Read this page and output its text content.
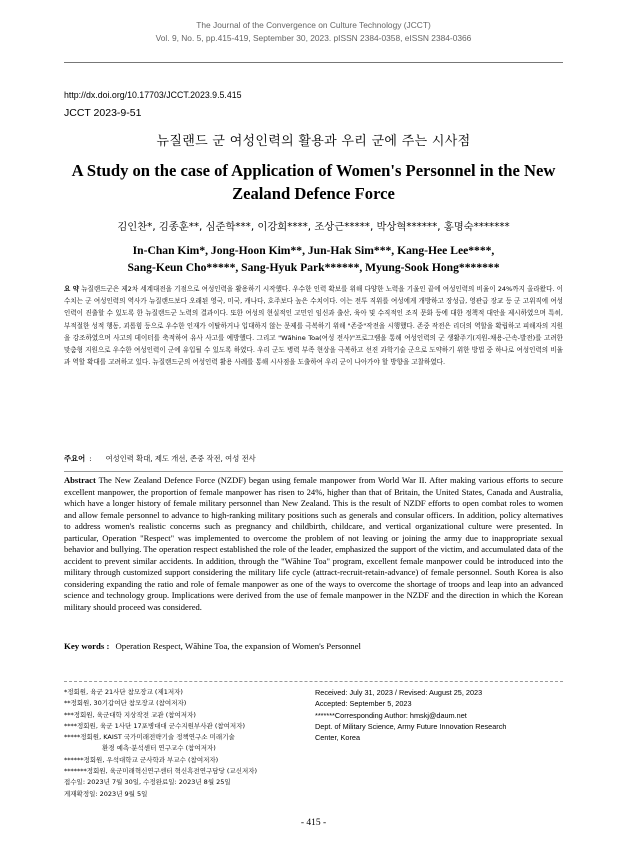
The Journal of the Convergence on Culture Technology (JCCT)
Vol. 9, No. 5, pp.415-419, September 30, 2023. pISSN 2384-0358, eISSN 2384-0366
http://dx.doi.org/10.17703/JCCT.2023.9.5.415
JCCT 2023-9-51
뉴질랜드 군 여성인력의 활용과 우리 군에 주는 시사점
A Study on the case of Application of Women's Personnel in the New Zealand Defence Force
김인찬*, 김종훈**, 심준학***, 이강희****, 조상근*****, 박상혁******, 홍명숙*******
In-Chan Kim*, Jong-Hoon Kim**, Jun-Hak Sim***, Kang-Hee Lee****,
Sang-Keun Cho*****, Sang-Hyuk Park******, Myung-Sook Hong*******
요 약 뉴질랜드군은 제2차 세계대전을 기점으로 여성인력을 활용하기 시작했다. 우수한 인력 확보를 위해 다양한 노력을 기울인 끝에 여성인력의 비율이 24%까지 올라왔다. 이 수치는 군 여성인력의 역사가 뉴질랜드보다 오래된 영국, 미국, 캐나다, 호주보다 높은 수치이다. 이는 전투 직위를 여성에게 개방하고 장성급, 영관급 장교 등 군 고위직에 여성인력이 진출할 수 있도록 한 뉴질랜드군 노력의 결과이다. 또한 여성의 현실적인 고민인 임신과 출산, 육아 및 수직적인 조직 문화 등에 대한 정책적 대안을 제시하였으며 특히, 부적절한 성적 행동, 괴롭힘 등으로 우수한 인재가 이탈하거나 입대하지 않는 문제를 극복하기 위해 "존중"작전을 시행했다. 존중 작전은 리더의 역할을 확립하고 피해자의 지원을 강조하였으며 사고의 데이터를 축적하여 유사 사고를 예방했다. 그리고 "Wāhine Toa(여성 전사)"프로그램을 통해 여성인력의 군 생활주기(지원-채용-근속-발전)를 고려한 맞춤형 지원으로 우수한 여성인력이 군에 유입될 수 있도록 하였다. 우리 군도 병력 부족 현상을 극복하고 선진 과학기술 군으로 도약하기 위한 방법 중 하나로 여성인력의 비율과 역할 확대를 고려하고 있다. 뉴질랜드군의 여성인력 활용 사례를 통해 시사점을 도출하여 우리 군이 나아가야 할 방향을 고찰하였다.
주요어 : 여성인력 확대, 제도 개선, 존중 작전, 여성 전사
Abstract The New Zealand Defence Force (NZDF) began using female manpower from World War II. After making various efforts to secure excellent manpower, the proportion of female manpower has risen to 24%, higher than that of Britain, the United States, Canada and Australia, which have a longer history of female military personnel than New Zealand. This is the result of NZDF efforts to open combat roles to women and allow female personnel to advance to high-ranking military positions such as generals and consular officers. In addition, policy alternatives to address women's realistic concerns such as pregnancy and childbirth, childcare, and vertical organizational culture were presented. In particular, Operation "Respect" was implemented to overcome the problem of not leaving or joining the army due to inappropriate sexual behavior and bullying. The operation respect established the role of the leader, emphasized the support of the victim, and accumulated data of the accident to prevent similar accidents. In addition, through the "Wāhine Toa" program, excellent female manpower could be introduced into the military through customized support considering the military life cycle (attract-recruit-retain-advance) of female personnel. South Korea is also considering expanding the ratio and role of female manpower as one of the ways to overcome the shortage of troops and leap into an advanced science and technology group. Implications were derived from the use of female manpower in the NZDF and the direction in which the Korean military should proceed was considered.
Key words : Operation Respect, Wāhine Toa, the expansion of Women's Personnel
*정회원, 육군 21사단 참모장교 (제1저자)
**정회원, 30기갑여단 참모장교 (참여저자)
***정회원, 육군대학 지상작전 교관 (참여저자)
****정회원, 육군 1사단 17포병대대 군수지원부사관 (참여저자)
*****정회원, KAIST 국가미래전략기술 정책연구소 미래기술
환경 예측·분석센터 연구교수 (참여저자)
******정회원, 우석대학교 군사학과 부교수 (참여저자)
*******정회원, 육군미래혁신연구센터 혁신흑전연구담당 (교신저자)
접수일: 2023년 7월 30일, 수정완료일: 2023년 8월 25일
게재확정일: 2023년 9월 5일
Received: July 31, 2023 / Revised: August 25, 2023
Accepted: September 5, 2023
*******Corresponding Author: hmskj@daum.net
Dept. of Military Science, Army Future Innovation Research
Center, Korea
- 415 -
